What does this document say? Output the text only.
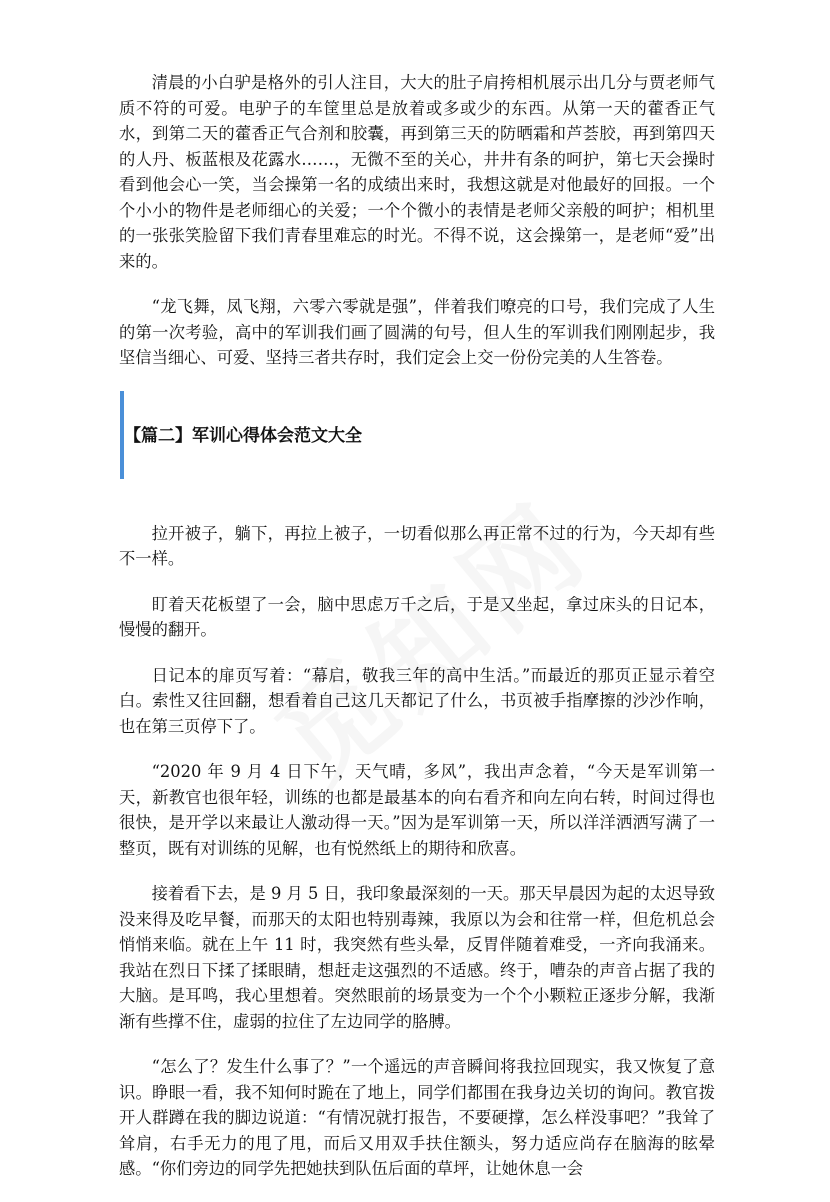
清晨的小白驴是格外的引人注目，大大的肚子肩挎相机展示出几分与贾老师气质不符的可爱。电驴子的车筐里总是放着或多或少的东西。从第一天的藿香正气水，到第二天的藿香正气合剂和胶囊，再到第三天的防晒霜和芦荟胶，再到第四天的人丹、板蓝根及花露水……，无微不至的关心，井井有条的呵护，第七天会操时看到他会心一笑，当会操第一名的成绩出来时，我想这就是对他最好的回报。一个个小小的物件是老师细心的关爱；一个个微小的表情是老师父亲般的呵护；相机里的一张张笑脸留下我们青春里难忘的时光。不得不说，这会操第一，是老师“爱”出来的。

“龙飞舞，凤飞翔，六零六零就是强”，伴着我们嘹亮的口号，我们完成了人生的第一次考验，高中的军训我们画了圆满的句号，但人生的军训我们刚刚起步，我坚信当细心、可爱、坚持三者共存时，我们定会上交一份份完美的人生答卷。

【篇二】军训心得体会范文大全

拉开被子，躺下，再拉上被子，一切看似那么再正常不过的行为，今天却有些不一样。

盯着天花板望了一会，脑中思虑万千之后，于是又坐起，拿过床头的日记本，慢慢的翻开。

日记本的扉页写着：“幕启，敬我三年的高中生活。”而最近的那页正显示着空白。索性又往回翻，想看着自己这几天都记了什么，书页被手指摩擦的沙沙作响，也在第三页停下了。

“2020 年 9 月 4 日下午，天气晴，多风”，我出声念着，“今天是军训第一天，新教官也很年轻，训练的也都是最基本的向右看齐和向左向右转，时间过得也很快，是开学以来最让人激动得一天。”因为是军训第一天，所以洋洋洒洒写满了一整页，既有对训练的见解，也有悦然纸上的期待和欣喜。

接着看下去，是 9 月 5 日，我印象最深刻的一天。那天早晨因为起的太迟导致没来得及吃早餐，而那天的太阳也特别毒辣，我原以为会和往常一样，但危机总会悄悄来临。就在上午 11 时，我突然有些头晕，反胃伴随着难受，一齐向我涌来。我站在烈日下揉了揉眼睛，想赶走这强烈的不适感。终于，嘈杂的声音占据了我的大脑。是耳鸣，我心里想着。突然眼前的场景变为一个个小颗粒正逐步分解，我渐渐有些撑不住，虚弱的拉住了左边同学的胳膊。

“怎么了？发生什么事了？”一个遥远的声音瞬间将我拉回现实，我又恢复了意识。睁眼一看，我不知何时跪在了地上，同学们都围在我身边关切的询问。教官拨开人群蹲在我的脚边说道：“有情况就打报告，不要硬撑，怎么样没事吧？”我耸了耸肩，右手无力的甩了甩，而后又用双手扶住额头，努力适应尚存在脑海的眩晕感。“你们旁边的同学先把她扶到队伍后面的草坪，让她休息一会
